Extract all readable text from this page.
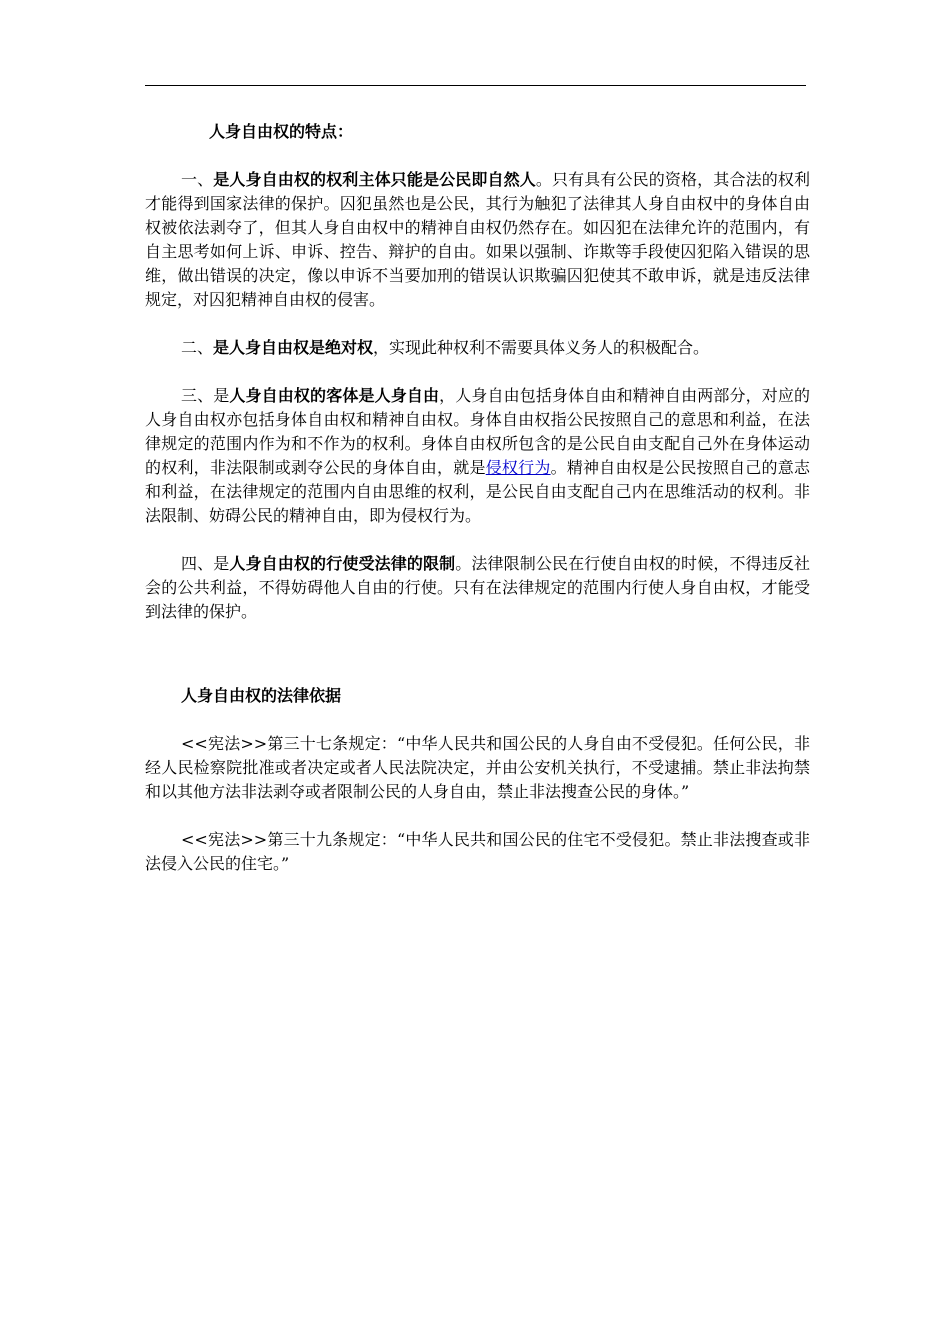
人身自由权的特点：

一、是人身自由权的权利主体只能是公民即自然人。只有具有公民的资格，其合法的权利才能得到国家法律的保护。囚犯虽然也是公民，其行为触犯了法律其人身自由权中的身体自由权被依法剥夺了，但其人身自由权中的精神自由权仍然存在。如囚犯在法律允许的范围内，有自主思考如何上诉、申诉、控告、辩护的自由。如果以强制、诈欺等手段使囚犯陷入错误的思维，做出错误的决定，像以申诉不当要加刑的错误认识欺骗囚犯使其不敢申诉，就是违反法律规定，对囚犯精神自由权的侵害。

二、是人身自由权是绝对权，实现此种权利不需要具体义务人的积极配合。

三、是人身自由权的客体是人身自由，人身自由包括身体自由和精神自由两部分，对应的人身自由权亦包括身体自由权和精神自由权。身体自由权指公民按照自己的意思和利益，在法律规定的范围内作为和不作为的权利。身体自由权所包含的是公民自由支配自己外在身体运动的权利，非法限制或剥夺公民的身体自由，就是侵权行为。精神自由权是公民按照自己的意志和利益，在法律规定的范围内自由思维的权利，是公民自由支配自己内在思维活动的权利。非法限制、妨碍公民的精神自由，即为侵权行为。

四、是人身自由权的行使受法律的限制。法律限制公民在行使自由权的时候，不得违反社会的公共利益，不得妨碍他人自由的行使。只有在法律规定的范围内行使人身自由权，才能受到法律的保护。

人身自由权的法律依据

<<宪法>>第三十七条规定：“中华人民共和国公民的人身自由不受侵犯。任何公民，非经人民检察院批准或者决定或者人民法院决定，并由公安机关执行，不受逮捕。禁止非法拘禁和以其他方法非法剥夺或者限制公民的人身自由，禁止非法搜查公民的身体。”

<<宪法>>第三十九条规定：“中华人民共和国公民的住宅不受侵犯。禁止非法搜查或非法侵入公民的住宅。”
